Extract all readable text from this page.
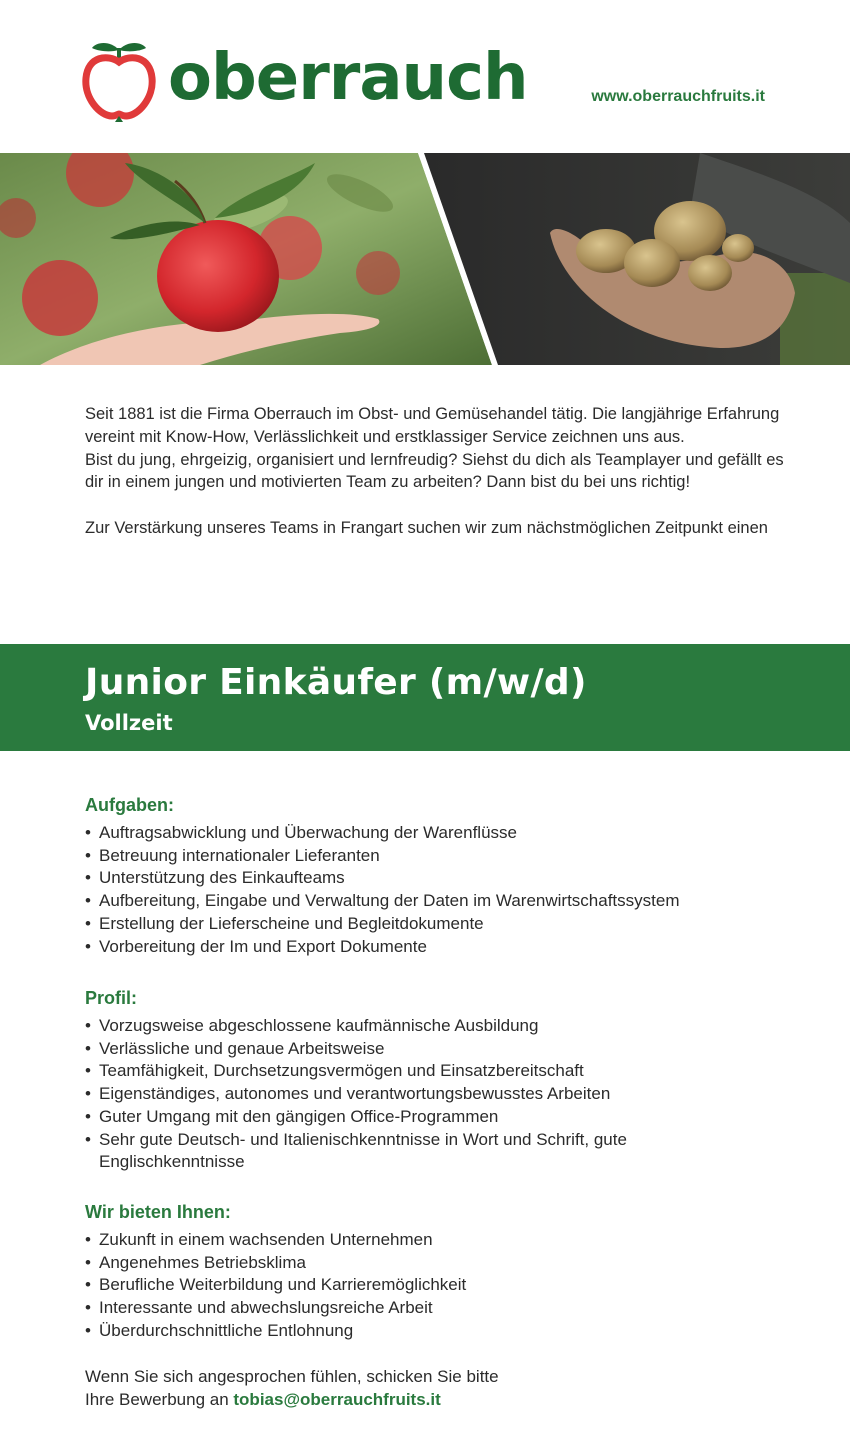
oberrauch	www.oberrauchfruits.it

Seit 1881 ist die Firma Oberrauch im Obst- und Gemüsehandel tätig. Die langjährige Erfahrung vereint mit Know-How, Verlässlichkeit und erstklassiger Service zeichnen uns aus.

Bist du jung, ehrgeizig, organisiert und lernfreudig? Siehst du dich als Teamplayer und gefällt es dir in einem jungen und motivierten Team zu arbeiten? Dann bist du bei uns richtig!

Zur Verstärkung unseres Teams in Frangart suchen wir zum nächstmöglichen Zeitpunkt einen

Junior Einkäufer (m/w/d)
Vollzeit
Aufgaben:
• Auftragsabwicklung und Überwachung der Warenflüsse
• Betreuung internationaler Lieferanten
• Unterstützung des Einkaufteams
• Aufbereitung, Eingabe und Verwaltung der Daten im Warenwirtschaftssystem
• Erstellung der Lieferscheine und Begleitdokumente
• Vorbereitung der Im und Export Dokumente
Profil:
• Vorzugsweise abgeschlossene kaufmännische Ausbildung
• Verlässliche und genaue Arbeitsweise
• Teamfähigkeit, Durchsetzungsvermögen und Einsatzbereitschaft
• Eigenständiges, autonomes und verantwortungsbewusstes Arbeiten
• Guter Umgang mit den gängigen Office-Programmen
• Sehr gute Deutsch- und Italienischkenntnisse in Wort und Schrift, gute Englischkenntnisse
Wir bieten Ihnen:
• Zukunft in einem wachsenden Unternehmen
• Angenehmes Betriebsklima
• Berufliche Weiterbildung und Karrieremöglichkeit
• Interessante und abwechslungsreiche Arbeit
• Überdurchschnittliche Entlohnung

Wenn Sie sich angesprochen fühlen, schicken Sie bitte

Ihre Bewerbung an tobias@oberrauchfruits.it
